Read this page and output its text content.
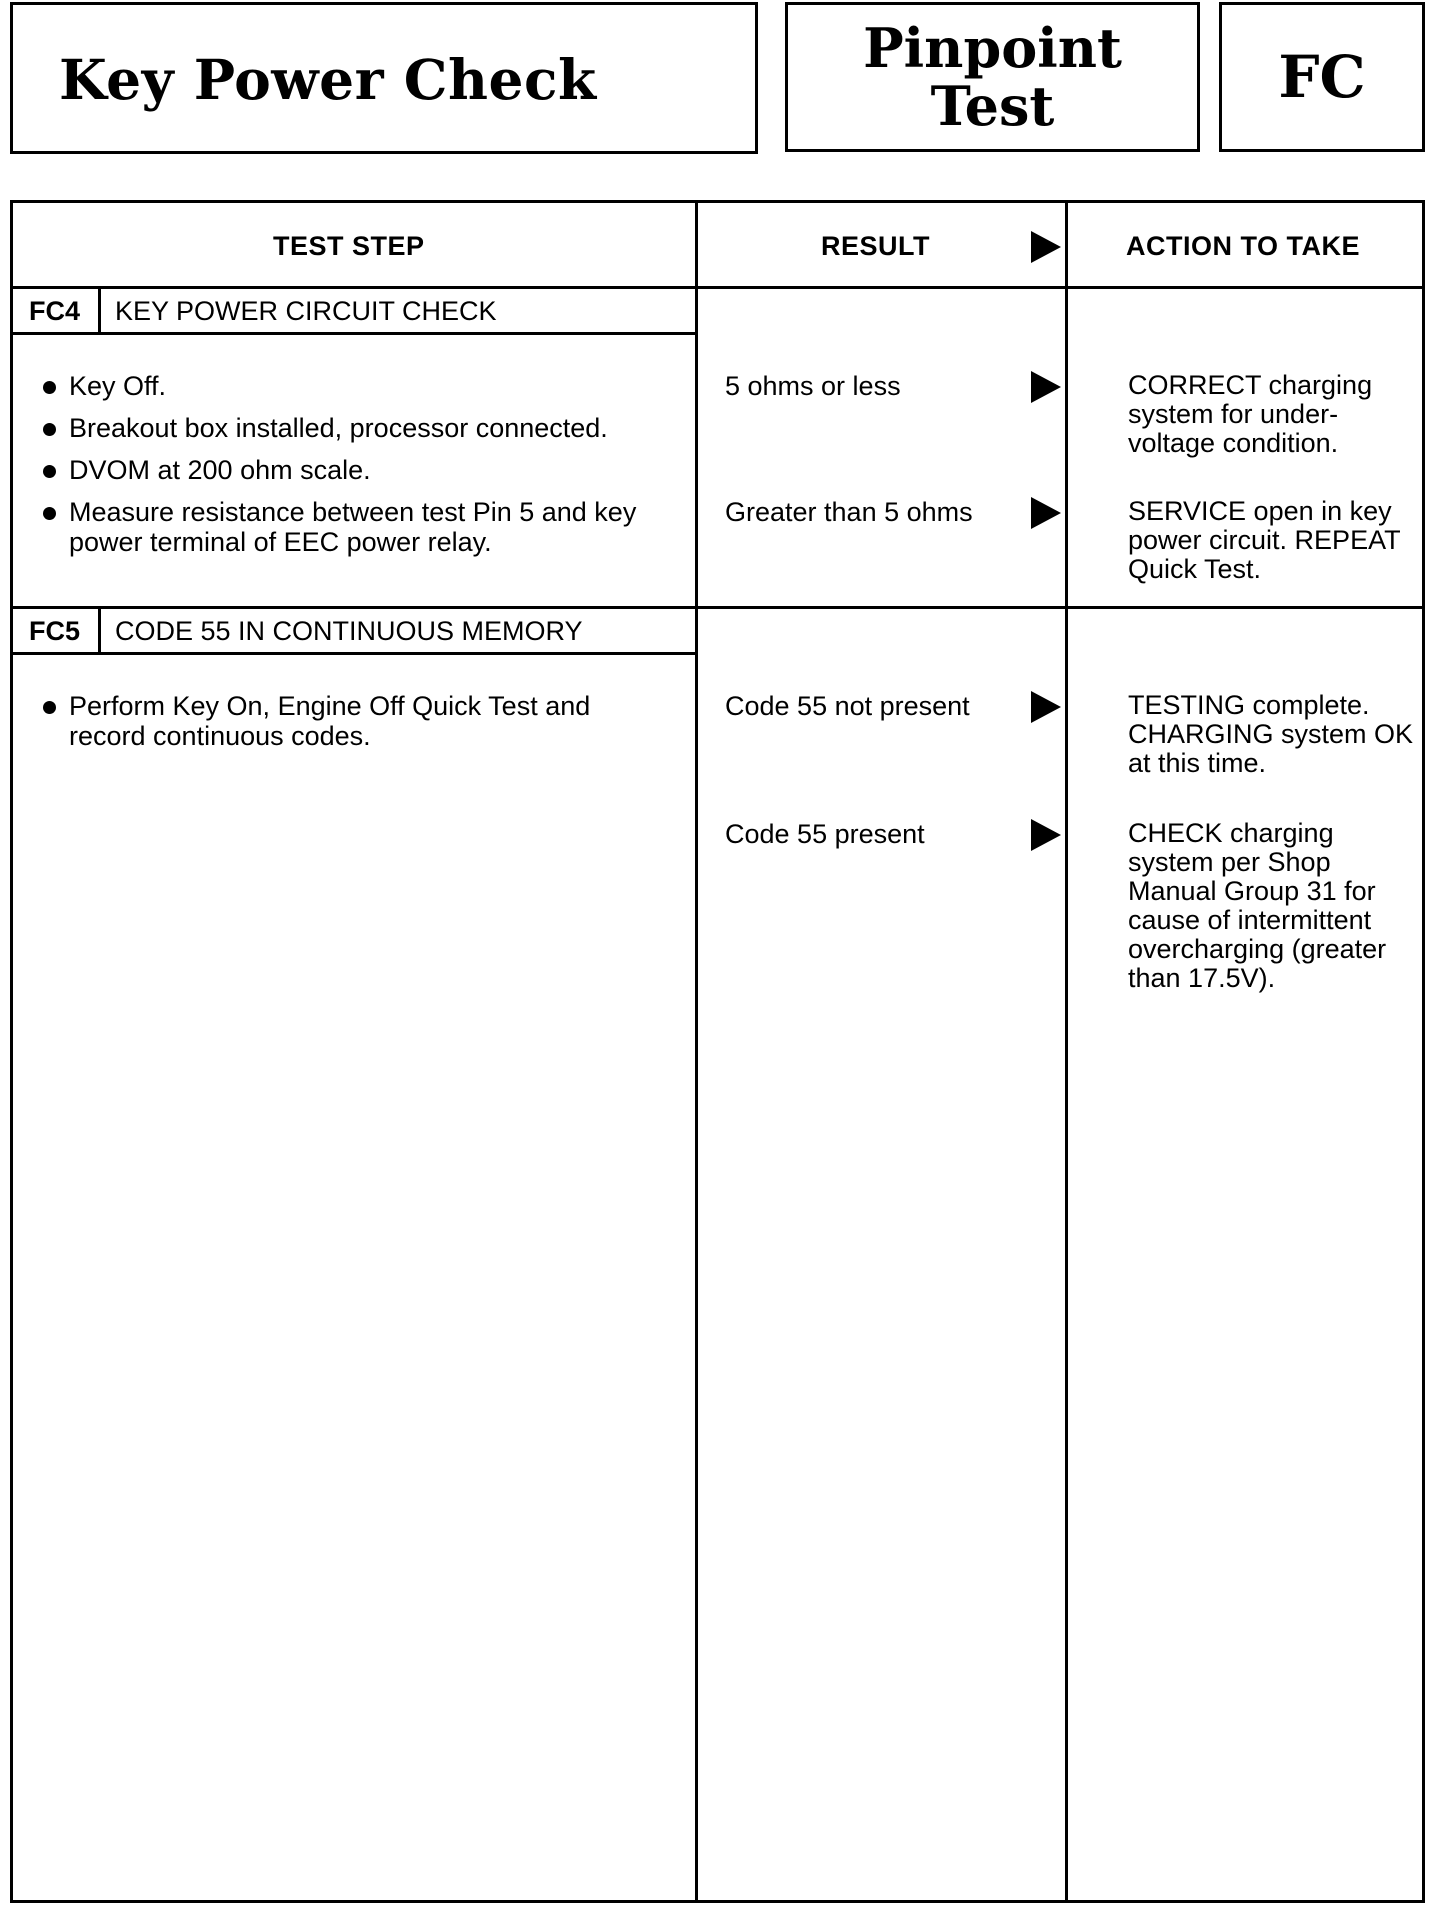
Key Power Check	Pinpoint
Test	FC
TEST STEP	RESULT	ACTION TO TAKE
FC4 KEY POWER CIRCUIT CHECK
Key Off.
Breakout box installed, processor connected.
DVOM at 200 ohm scale.
Measure resistance between test Pin 5 and key power terminal of EEC power relay.
5 ohms or less	CORRECT charging system for under-voltage condition.
Greater than 5 ohms	SERVICE open in key power circuit. REPEAT Quick Test.
FC5 CODE 55 IN CONTINUOUS MEMORY
Perform Key On, Engine Off Quick Test and record continuous codes.
Code 55 not present	TESTING complete. CHARGING system OK at this time.
Code 55 present	CHECK charging system per Shop Manual Group 31 for cause of intermittent overcharging (greater than 17.5V).
